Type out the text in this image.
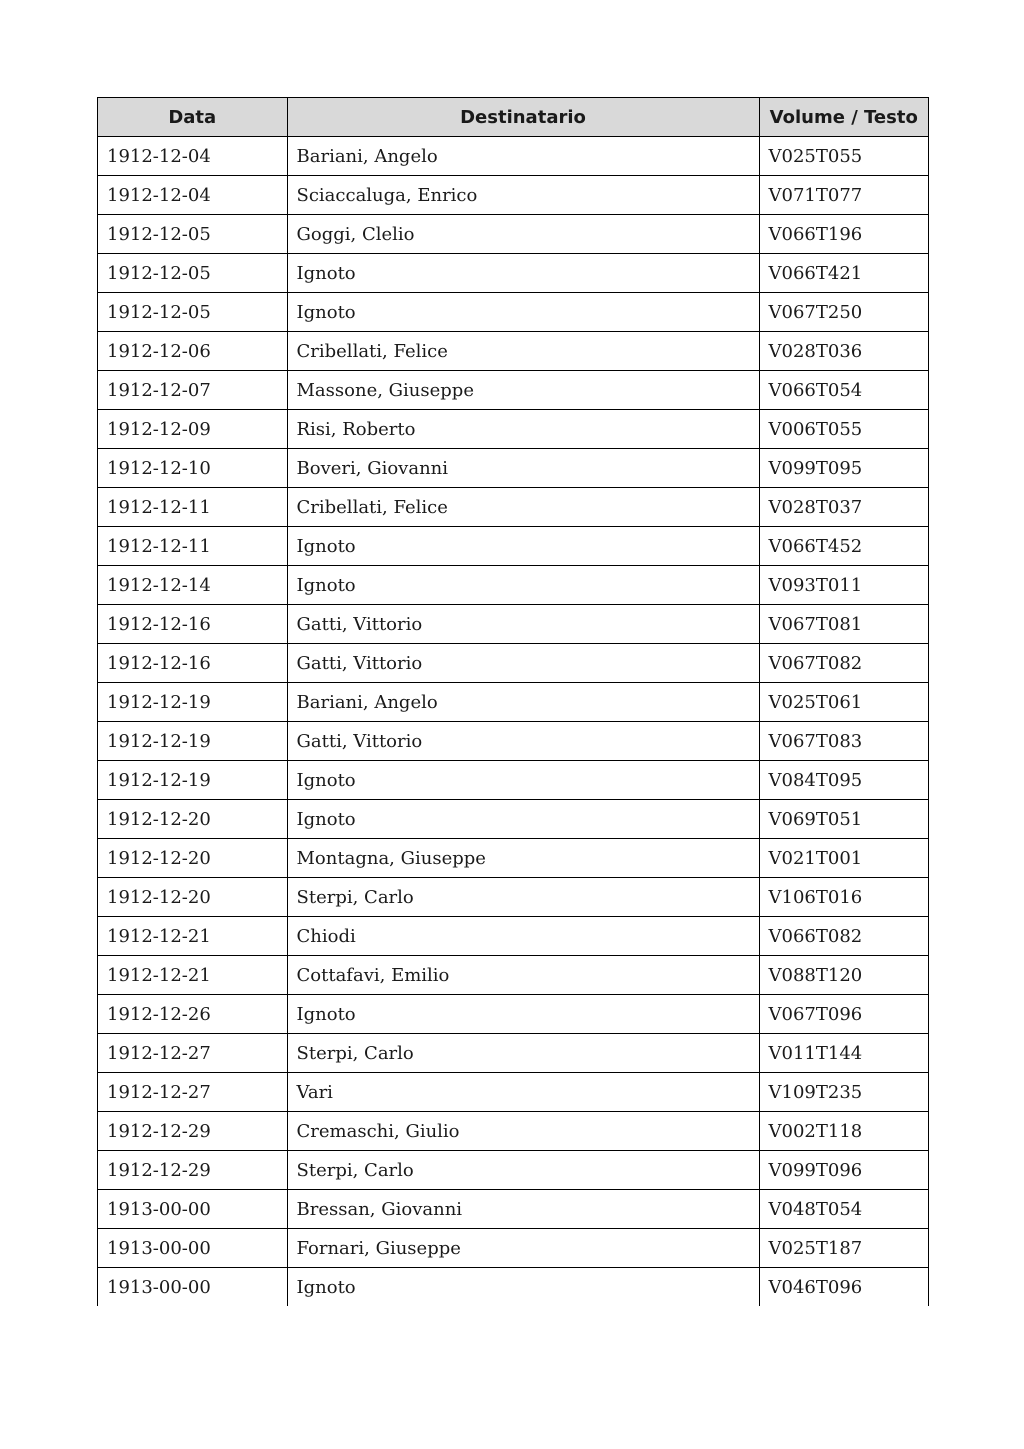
Data	Destinatario	Volume / Testo
1912-12-04	Bariani, Angelo	V025T055
1912-12-04	Sciaccaluga, Enrico	V071T077
1912-12-05	Goggi, Clelio	V066T196
1912-12-05	Ignoto	V066T421
1912-12-05	Ignoto	V067T250
1912-12-06	Cribellati, Felice	V028T036
1912-12-07	Massone, Giuseppe	V066T054
1912-12-09	Risi, Roberto	V006T055
1912-12-10	Boveri, Giovanni	V099T095
1912-12-11	Cribellati, Felice	V028T037
1912-12-11	Ignoto	V066T452
1912-12-14	Ignoto	V093T011
1912-12-16	Gatti, Vittorio	V067T081
1912-12-16	Gatti, Vittorio	V067T082
1912-12-19	Bariani, Angelo	V025T061
1912-12-19	Gatti, Vittorio	V067T083
1912-12-19	Ignoto	V084T095
1912-12-20	Ignoto	V069T051
1912-12-20	Montagna, Giuseppe	V021T001
1912-12-20	Sterpi, Carlo	V106T016
1912-12-21	Chiodi	V066T082
1912-12-21	Cottafavi, Emilio	V088T120
1912-12-26	Ignoto	V067T096
1912-12-27	Sterpi, Carlo	V011T144
1912-12-27	Vari	V109T235
1912-12-29	Cremaschi, Giulio	V002T118
1912-12-29	Sterpi, Carlo	V099T096
1913-00-00	Bressan, Giovanni	V048T054
1913-00-00	Fornari, Giuseppe	V025T187
1913-00-00	Ignoto	V046T096
